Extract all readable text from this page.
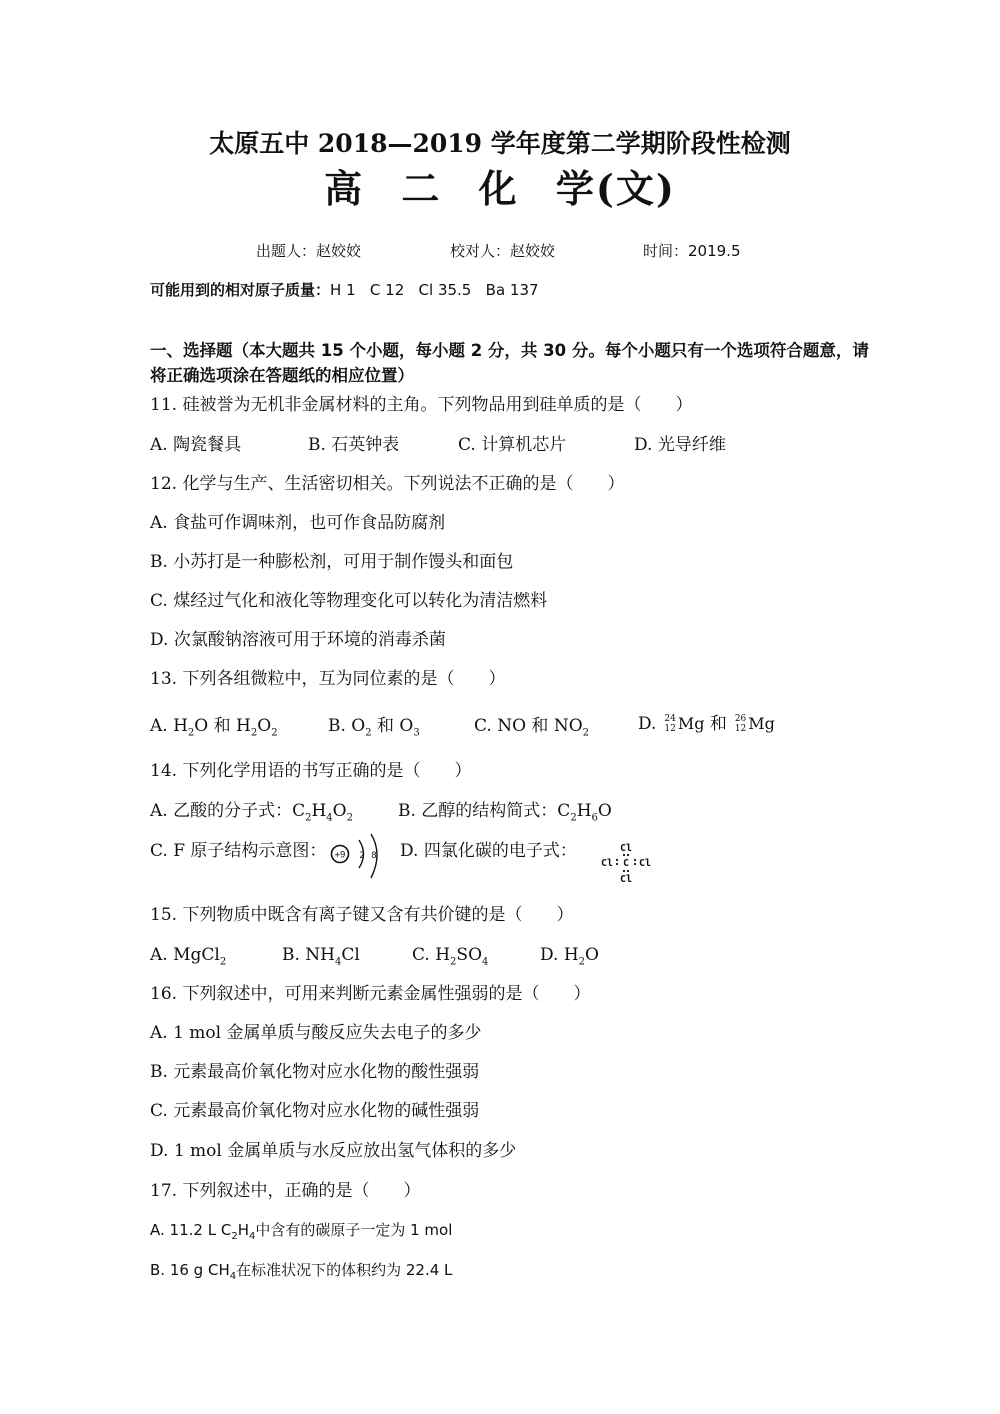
太原五中 2018—2019 学年度第二学期阶段性检测
高 二 化 学(文)
出题人：赵姣姣	校对人：赵姣姣	时间：2019.5
可能用到的相对原子质量：H 1   C 12   Cl 35.5   Ba 137
一、选择题（本大题共 15 个小题，每小题 2 分，共 30 分。每个小题只有一个选项符合题意，请将正确选项涂在答题纸的相应位置）
11. 硅被誉为无机非金属材料的主角。下列物品用到硅单质的是（　　）
A. 陶瓷餐具	B. 石英钟表	C. 计算机芯片	D. 光导纤维
12. 化学与生产、生活密切相关。下列说法不正确的是（　　）
A. 食盐可作调味剂，也可作食品防腐剂
B. 小苏打是一种膨松剂，可用于制作馒头和面包
C. 煤经过气化和液化等物理变化可以转化为清洁燃料
D. 次氯酸钠溶液可用于环境的消毒杀菌
13. 下列各组微粒中，互为同位素的是（　　）
A. $H_2O$ 和 $H_2O_2$	B. $O_2$ 和 $O_3$	C. NO 和 $NO_2$	D. 24
12 Mg 和 26
12 Mg
14. 下列化学用语的书写正确的是（　　）
A. 乙酸的分子式：$C_2H_4O_2$	B. 乙醇的结构简式：$C_2H_6O$
C. F 原子结构示意图： +9 2 8 D. 四氯化碳的电子式：	Cl
Cl C Cl
Cl
15. 下列物质中既含有离子键又含有共价键的是（　　）
A. MgCl$_2$	B. $NH_4Cl$	C. $H_2SO_4$	D. $H_2O$
16. 下列叙述中，可用来判断元素金属性强弱的是（　　）
A. 1 mol 金属单质与酸反应失去电子的多少
B. 元素最高价氧化物对应水化物的酸性强弱
C. 元素最高价氧化物对应水化物的碱性强弱
D. 1 mol 金属单质与水反应放出氢气体积的多少
17. 下列叙述中，正确的是（　　）
A. 11.2 L $C_2H_4$中含有的碳原子一定为 1 mol
B. 16 g $CH_4$在标准状况下的体积约为 22.4 L
